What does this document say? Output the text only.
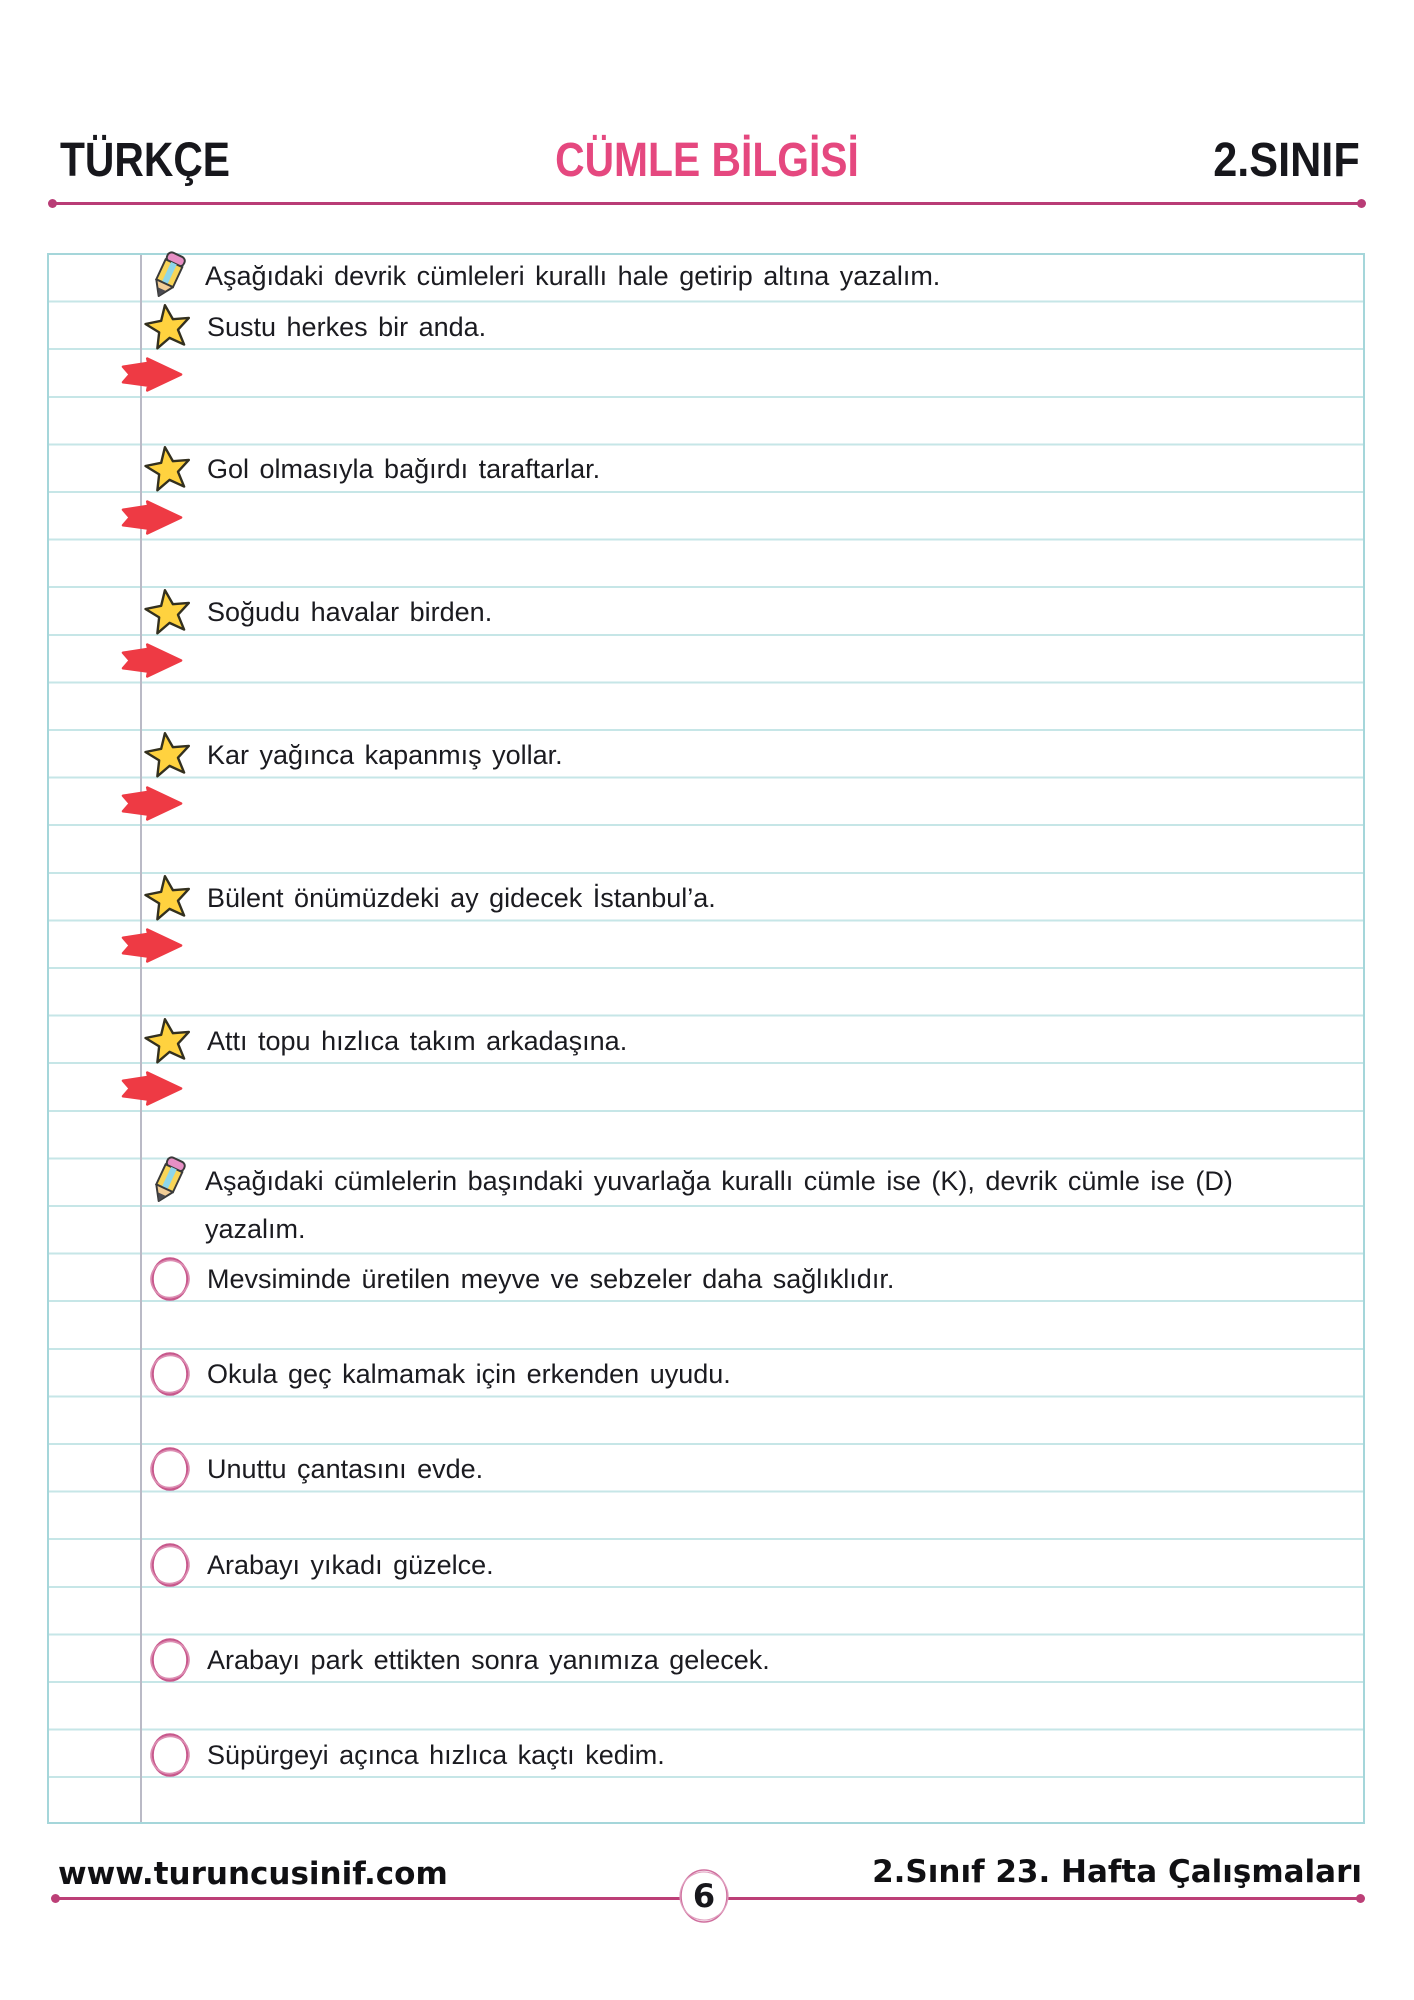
TÜRKÇE	CÜMLE BİLGİSİ	2.SINIF
Aşağıdaki devrik cümleleri kurallı hale getirip altına yazalım.
Sustu herkes bir anda.
Gol olmasıyla bağırdı taraftarlar.
Soğudu havalar birden.
Kar yağınca kapanmış yollar.
Bülent önümüzdeki ay gidecek İstanbul’a.
Attı topu hızlıca takım arkadaşına.
Aşağıdaki cümlelerin başındaki yuvarlağa kurallı cümle ise (K), devrik cümle ise (D)
yazalım.
Mevsiminde üretilen meyve ve sebzeler daha sağlıklıdır.
Okula geç kalmamak için erkenden uyudu.
Unuttu çantasını evde.
Arabayı yıkadı güzelce.
Arabayı park ettikten sonra yanımıza gelecek.
Süpürgeyi açınca hızlıca kaçtı kedim.
www.turuncusinif.com	2.Sınıf 23. Hafta Çalışmaları
6
